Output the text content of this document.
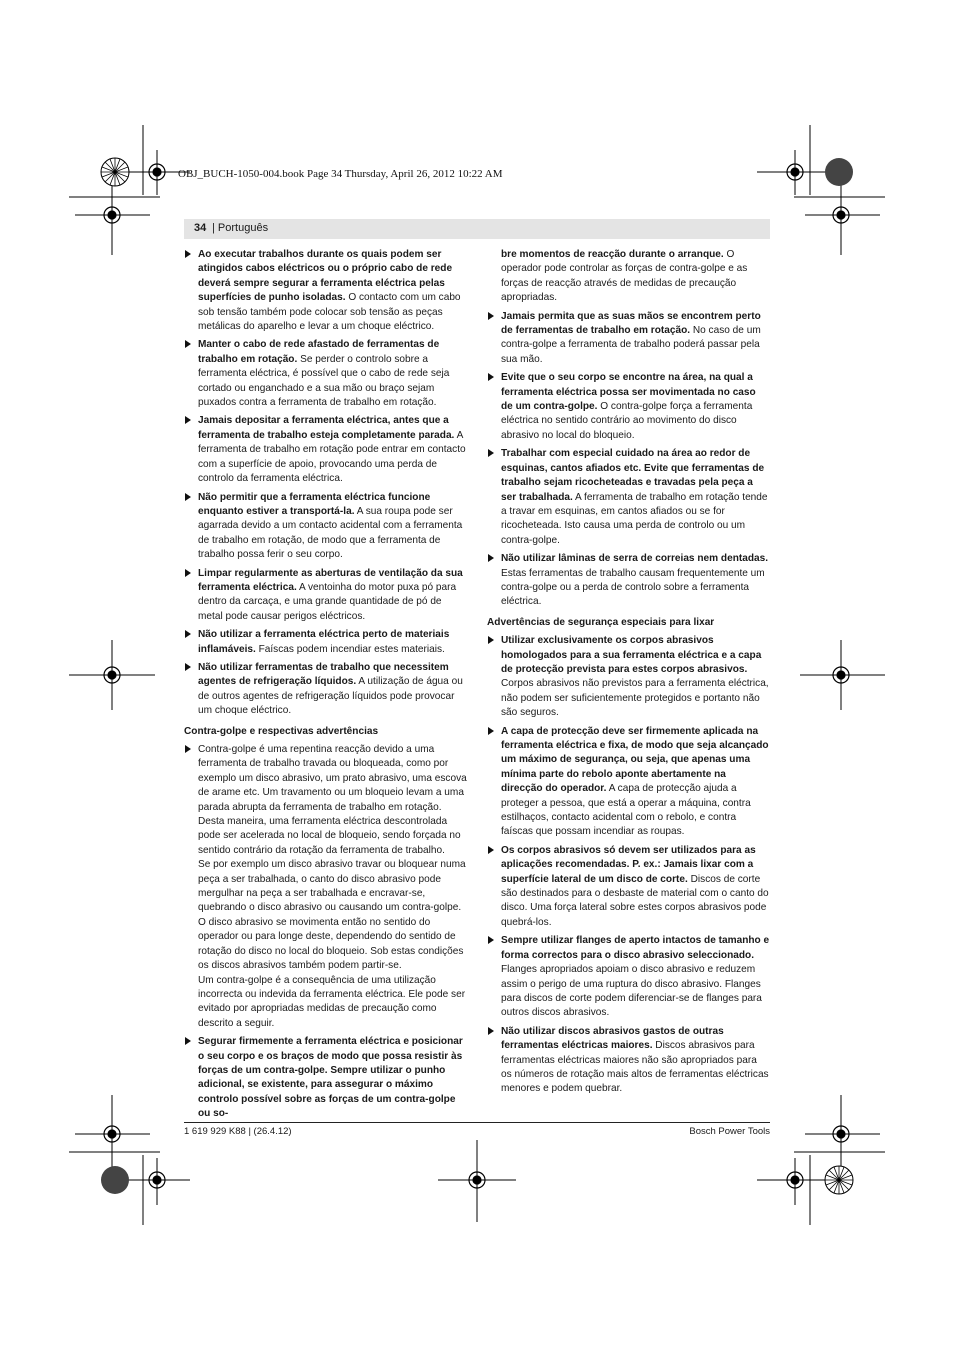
OBJ_BUCH-1050-004.book Page 34 Thursday, April 26, 2012 10:22 AM
34
|	Português

Ao executar trabalhos durante os quais podem ser atingidos cabos eléctricos ou o próprio cabo de rede deverá sempre segurar a ferramenta eléctrica pelas superfícies de punho isoladas. O contacto com um cabo sob tensão também pode colocar sob tensão as peças metálicas do aparelho e levar a um choque eléctrico.

Manter o cabo de rede afastado de ferramentas de trabalho em rotação. Se perder o controlo sobre a ferramenta eléctrica, é possível que o cabo de rede seja cortado ou enganchado e a sua mão ou braço sejam puxados contra a ferramenta de trabalho em rotação.

Jamais depositar a ferramenta eléctrica, antes que a ferramenta de trabalho esteja completamente parada. A ferramenta de trabalho em rotação pode entrar em contacto com a superfície de apoio, provocando uma perda de controlo da ferramenta eléctrica.

Não permitir que a ferramenta eléctrica funcione enquanto estiver a transportá-la. A sua roupa pode ser agarrada devido a um contacto acidental com a ferramenta de trabalho em rotação, de modo que a ferramenta de trabalho possa ferir o seu corpo.

Limpar regularmente as aberturas de ventilação da sua ferramenta eléctrica. A ventoinha do motor puxa pó para dentro da carcaça, e uma grande quantidade de pó de metal pode causar perigos eléctricos.

Não utilizar a ferramenta eléctrica perto de materiais inflamáveis. Faíscas podem incendiar estes materiais.

Não utilizar ferramentas de trabalho que necessitem agentes de refrigeração líquidos. A utilização de água ou de outros agentes de refrigeração líquidos pode provocar um choque eléctrico.

Contra-golpe e respectivas advertências

Contra-golpe é uma repentina reacção devido a uma ferramenta de trabalho travada ou bloqueada, como por exemplo um disco abrasivo, um prato abrasivo, uma escova de arame etc. Um travamento ou um bloqueio levam a uma parada abrupta da ferramenta de trabalho em rotação. Desta maneira, uma ferramenta eléctrica descontrolada pode ser acelerada no local de bloqueio, sendo forçada no sentido contrário da rotação da ferramenta de trabalho.

Se por exemplo um disco abrasivo travar ou bloquear numa peça a ser trabalhada, o canto do disco abrasivo pode mergulhar na peça a ser trabalhada e encravar-se, quebrando o disco abrasivo ou causando um contra-golpe. O disco abrasivo se movimenta então no sentido do operador ou para longe deste, dependendo do sentido de rotação do disco no local do bloqueio. Sob estas condições os discos abrasivos também podem partir-se.

Um contra-golpe é a consequência de uma utilização incorrecta ou indevida da ferramenta eléctrica. Ele pode ser evitado por apropriadas medidas de precaução como descrito a seguir.

Segurar firmemente a ferramenta eléctrica e posicionar o seu corpo e os braços de modo que possa resistir às forças de um contra-golpe. Sempre utilizar o punho adicional, se existente, para assegurar o máximo controlo possível sobre as forças de um contra-golpe ou so-

bre momentos de reacção durante o arranque. O operador pode controlar as forças de contra-golpe e as forças de reacção através de medidas de precaução apropriadas.

Jamais permita que as suas mãos se encontrem perto de ferramentas de trabalho em rotação. No caso de um contra-golpe a ferramenta de trabalho poderá passar pela sua mão.

Evite que o seu corpo se encontre na área, na qual a ferramenta eléctrica possa ser movimentada no caso de um contra-golpe. O contra-golpe força a ferramenta eléctrica no sentido contrário ao movimento do disco abrasivo no local do bloqueio.

Trabalhar com especial cuidado na área ao redor de esquinas, cantos afiados etc. Evite que ferramentas de trabalho sejam ricocheteadas e travadas pela peça a ser trabalhada. A ferramenta de trabalho em rotação tende a travar em esquinas, em cantos afiados ou se for ricocheteada. Isto causa uma perda de controlo ou um contra-golpe.

Não utilizar lâminas de serra de correias nem dentadas. Estas ferramentas de trabalho causam frequentemente um contra-golpe ou a perda de controlo sobre a ferramenta eléctrica.

Advertências de segurança especiais para lixar

Utilizar exclusivamente os corpos abrasivos homologados para a sua ferramenta eléctrica e a capa de protecção prevista para estes corpos abrasivos. Corpos abrasivos não previstos para a ferramenta eléctrica, não podem ser suficientemente protegidos e portanto não são seguros.

A capa de protecção deve ser firmemente aplicada na ferramenta eléctrica e fixa, de modo que seja alcançado um máximo de segurança, ou seja, que apenas uma mínima parte do rebolo aponte abertamente na direcção do operador. A capa de protecção ajuda a proteger a pessoa, que está a operar a máquina, contra estilhaços, contacto acidental com o rebolo, e contra faíscas que possam incendiar as roupas.

Os corpos abrasivos só devem ser utilizados para as aplicações recomendadas. P. ex.: Jamais lixar com a superfície lateral de um disco de corte. Discos de corte são destinados para o desbaste de material com o canto do disco. Uma força lateral sobre estes corpos abrasivos pode quebrá-los.

Sempre utilizar flanges de aperto intactos de tamanho e forma correctos para o disco abrasivo seleccionado. Flanges apropriados apoiam o disco abrasivo e reduzem assim o perigo de uma ruptura do disco abrasivo. Flanges para discos de corte podem diferenciar-se de flanges para outros discos abrasivos.

Não utilizar discos abrasivos gastos de outras ferramentas eléctricas maiores. Discos abrasivos para ferramentas eléctricas maiores não são apropriados para os números de rotação mais altos de ferramentas eléctricas menores e podem quebrar.

1 619 929 K88 | (26.4.12)	Bosch Power Tools
